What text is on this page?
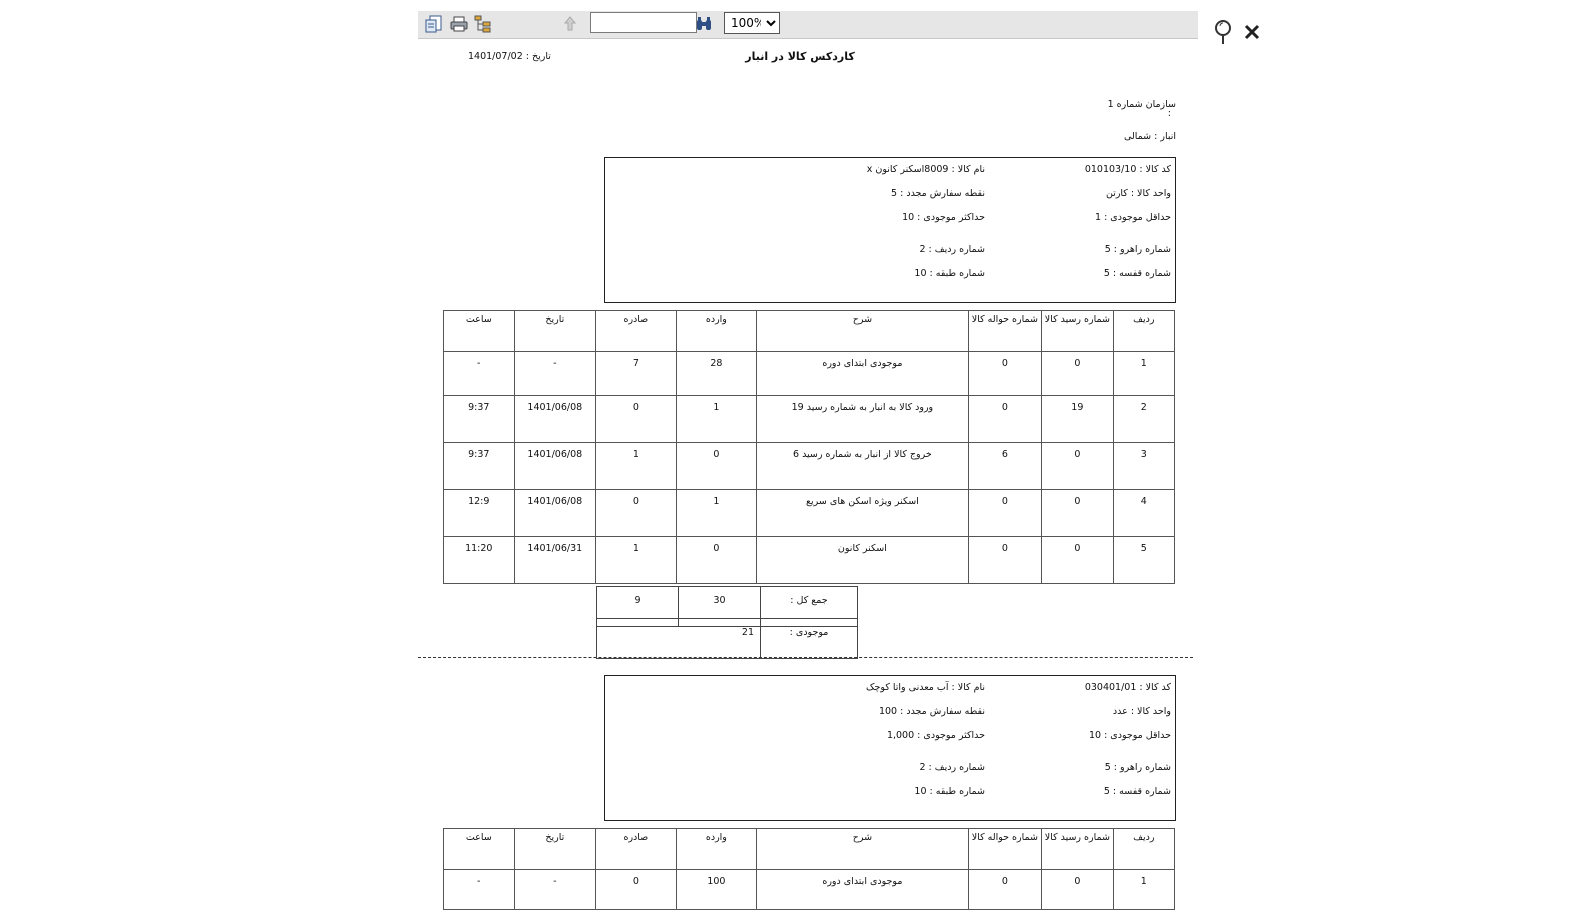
100%
کاردکس کالا در انبار
تاریخ : 1401/07/02
سازمان شماره 1
:
انبار : شمالی
کد کالا : 010103/10
واحد کالا : کارتن
حداقل موجودی : 1
شماره راهرو : 5
شماره قفسه : 5
نام کالا : 8009اسکنر کانون x
نقطه سفارش مجدد : 5
حداکثر موجودی : 10
شماره ردیف : 2
شماره طبقه : 10
ردیف	شماره رسید کالا	شماره حواله کالا	شرح	وارده	صادره	تاریخ	ساعت
1	0	0	موجودی ابتدای دوره	28	7	-	-
2	19	0	ورود کالا به انبار به شماره رسید 19	1	0	1401/06/08	9:37
3	0	6	خروج کالا از انبار به شماره رسید 6	0	1	1401/06/08	9:37
4	0	0	اسکنر ویژه اسکن های سریع	1	0	1401/06/08	12:9
5	0	0	اسکنر کانون	0	1	1401/06/31	11:20
جمع کل :	30	9
موجودی :	21
کد کالا : 030401/01
واحد کالا : عدد
حداقل موجودی : 10
شماره راهرو : 5
شماره قفسه : 5
نام کالا : آب معدنی واتا کوچک
نقطه سفارش مجدد : 100
حداکثر موجودی : 1,000
شماره ردیف : 2
شماره طبقه : 10
ردیف	شماره رسید کالا	شماره حواله کالا	شرح	وارده	صادره	تاریخ	ساعت
1	0	0	موجودی ابتدای دوره	100	0	-	-
